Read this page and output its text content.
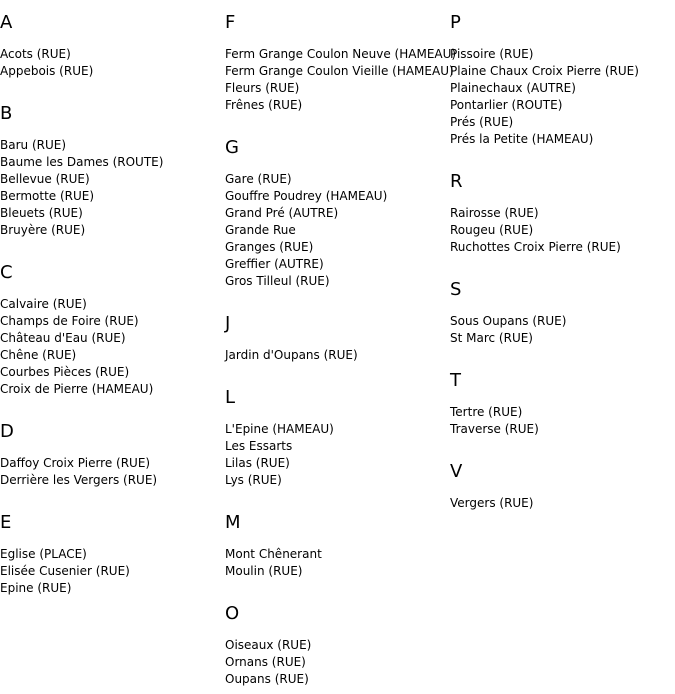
A
Acots (RUE)
Appebois (RUE)
B
Baru (RUE)
Baume les Dames (ROUTE)
Bellevue (RUE)
Bermotte (RUE)
Bleuets (RUE)
Bruyère (RUE)
C
Calvaire (RUE)
Champs de Foire (RUE)
Château d'Eau (RUE)
Chêne (RUE)
Courbes Pièces (RUE)
Croix de Pierre (HAMEAU)
D
Daffoy Croix Pierre (RUE)
Derrière les Vergers (RUE)
E
Eglise (PLACE)
Elisée Cusenier (RUE)
Epine (RUE)
F
Ferm Grange Coulon Neuve (HAMEAU)
Ferm Grange Coulon Vieille (HAMEAU)
Fleurs (RUE)
Frênes (RUE)
G
Gare (RUE)
Gouffre Poudrey (HAMEAU)
Grand Pré (AUTRE)
Grande Rue
Granges (RUE)
Greffier (AUTRE)
Gros Tilleul (RUE)
J
Jardin d'Oupans (RUE)
L
L'Epine (HAMEAU)
Les Essarts
Lilas (RUE)
Lys (RUE)
M
Mont Chênerant
Moulin (RUE)
O
Oiseaux (RUE)
Ornans (RUE)
Oupans (RUE)
P
Pissoire (RUE)
Plaine Chaux Croix Pierre (RUE)
Plainechaux (AUTRE)
Pontarlier (ROUTE)
Prés (RUE)
Prés la Petite (HAMEAU)
R
Rairosse (RUE)
Rougeu (RUE)
Ruchottes Croix Pierre (RUE)
S
Sous Oupans (RUE)
St Marc (RUE)
T
Tertre (RUE)
Traverse (RUE)
V
Vergers (RUE)
